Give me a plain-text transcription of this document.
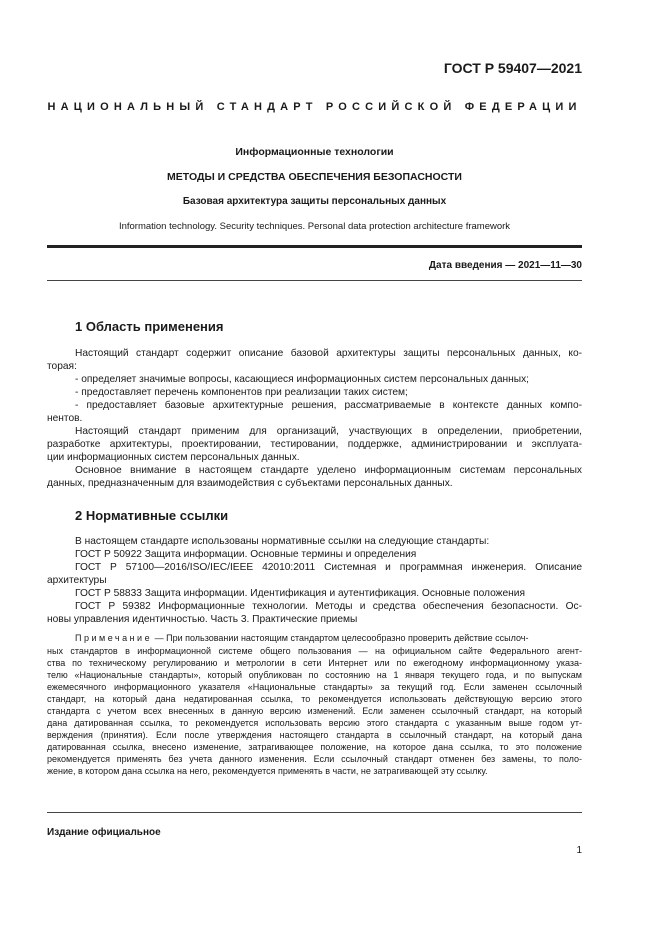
ГОСТ Р 59407—2021
НАЦИОНАЛЬНЫЙ СТАНДАРТ РОССИЙСКОЙ ФЕДЕРАЦИИ
Информационные технологии
МЕТОДЫ И СРЕДСТВА ОБЕСПЕЧЕНИЯ БЕЗОПАСНОСТИ
Базовая архитектура защиты персональных данных
Information technology. Security techniques. Personal data protection architecture framework
Дата введения — 2021—11—30
1 Область применения
Настоящий стандарт содержит описание базовой архитектуры защиты персональных данных, ко-
торая:
- определяет значимые вопросы, касающиеся информационных систем персональных данных;
- предоставляет перечень компонентов при реализации таких систем;
- предоставляет базовые архитектурные решения, рассматриваемые в контексте данных компо-
нентов.
Настоящий стандарт применим для организаций, участвующих в определении, приобретении,
разработке архитектуры, проектировании, тестировании, поддержке, администрировании и эксплуата-
ции информационных систем персональных данных.
Основное внимание в настоящем стандарте уделено информационным системам персональных
данных, предназначенным для взаимодействия с субъектами персональных данных.
2 Нормативные ссылки
В настоящем стандарте использованы нормативные ссылки на следующие стандарты:
ГОСТ Р 50922 Защита информации. Основные термины и определения
ГОСТ Р 57100—2016/ISO/IEC/IEEE 42010:2011 Системная и программная инженерия. Описание
архитектуры
ГОСТ Р 58833 Защита информации. Идентификация и аутентификация. Основные положения
ГОСТ Р 59382 Информационные технологии. Методы и средства обеспечения безопасности. Ос-
новы управления идентичностью. Часть 3. Практические приемы
Примечание — При пользовании настоящим стандартом целесообразно проверить действие ссылоч-
ных стандартов в информационной системе общего пользования — на официальном сайте Федерального агент-
ства по техническому регулированию и метрологии в сети Интернет или по ежегодному информационному указа-
телю «Национальные стандарты», который опубликован по состоянию на 1 января текущего года, и по выпускам
ежемесячного информационного указателя «Национальные стандарты» за текущий год. Если заменен ссылочный
стандарт, на который дана недатированная ссылка, то рекомендуется использовать действующую версию этого
стандарта с учетом всех внесенных в данную версию изменений. Если заменен ссылочный стандарт, на который
дана датированная ссылка, то рекомендуется использовать версию этого стандарта с указанным выше годом ут-
верждения (принятия). Если после утверждения настоящего стандарта в ссылочный стандарт, на который дана
датированная ссылка, внесено изменение, затрагивающее положение, на которое дана ссылка, то это положение
рекомендуется применять без учета данного изменения. Если ссылочный стандарт отменен без замены, то поло-
жение, в котором дана ссылка на него, рекомендуется применять в части, не затрагивающей эту ссылку.
Издание официальное
1
